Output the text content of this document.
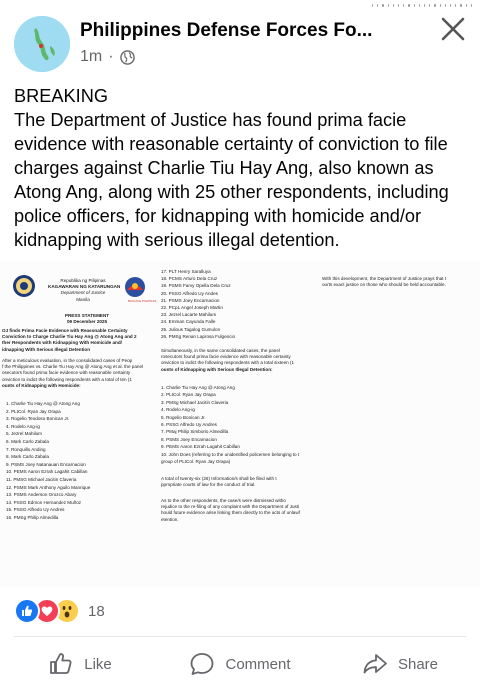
Philippines Defense Forces Fo...
1m ·

BREAKING

The Department of Justice has found prima facie evidence with reasonable certainty of conviction to file charges against Charlie Tiu Hay Ang, also known as Atong Ang, along with 25 other respondents, including police officers, for kidnapping with homicide and/or kidnapping with serious illegal detention.

BAGONG PILIPINAS
Republika ng Pilipinas
KAGAWARAN NG KATARUNGAN
Department of Justice
Manila
PRESS STATEMENT
09 December 2025
OJ finds Prima Facie Evidence with Reasonable Certainty
Conviction to Charge Charlie Tiu Hay Ang @ Atong Ang and 2
ther Respondents with Kidnapping With Homicide and/
idnapping With Serious Illegal Detention
After a meticulous evaluation, in the consolidated cases of Peop
f the Philippines vs. Charlie Tiu Hay Ang @ Atong Ang et al. the panel
osecutors found prima facie evidence with reasonable certainty
onviction to indict the following respondents with a total of ten (1
ounts of Kidnapping with Homicide:
1. Charlie Tiu Hay Ang @ Atong Ang
2. PLtCol. Ryan Jay Orapa
3. Rogelio Teodoso Bonican Jr.
4. Rodelo Ang-ig
5. Jezrel Mahilum
6. Mark Carlo Zabala
7. Ronquillo Anding
8. Mark Carlo Zabala
9. PSMS Joey Natanauan Encarnacion
10. PEMS Aaron Ezrah Lagahit Cabillan
11. PMSG Michael Jacitin Claveria
12. PSMS Mark Anthony Aguilo Manrique
13. PSMS Anderson Orozco Abary
14. PSSG Edmon Hernandez Muñoz
15. PSSG Alfredo Uy Andres
16. PMSg Philip Almedilla
17. PLT Henry Saralluya
18. PCMS Arturo Dela Cruz
19. PSMS Farvy Opella Dela Cruz
20. PSSG Alfredo Uy Andes
21. PSMS Joey Encarnacion
22. PCpL Angel Joseph Martin
23. Jezrel Lacarte Mahilum
24. Emman Cayunda Falle
25. Julious Tagalog Gumulon
26. PMSg Renan Laprosa Fulgencio
Simultaneously, in the same consolidated cases, the panel
rosecutors found prima facie evidence with reasonable certainty
onviction to indict the following respondents with a total sixteen (1
ounts of Kidnapping with Serious Illegal Detention:
1. Charlie Tiu Hay Ang @ Atong Ang
2. PLtCol. Ryan Jay Orapa
3. PMSg Michael Jacitin Claveria
4. Rodelo Ang-ig
5. Rogelio Bonican Jr.
6. PSSG Alfredo Uy Andres
7. PMaj Philip Simborio Almedilla
8. PSMS Joey Encarnacion
9. PEMS Aaron Ezrah Lagahit Cabillan
10. John Does (referring to the unidentified policemen belonging to t
group of PLtCol. Ryan Jay Orapa)
A total of twenty-six (26) Information/s shall be filed with t
ppropriate courts of law for the conduct of trial.
As to the other respondents, the case/s were dismissed witho
rejudice to the re-filing of any complaint with the Department of Justi
hould future evidence arise linking them directly to the acts of unlawf
etention.
With this development, the Department of Justice prays that t
ourts exact justice on those who should be held accountable.
18
Like	Comment	Share
